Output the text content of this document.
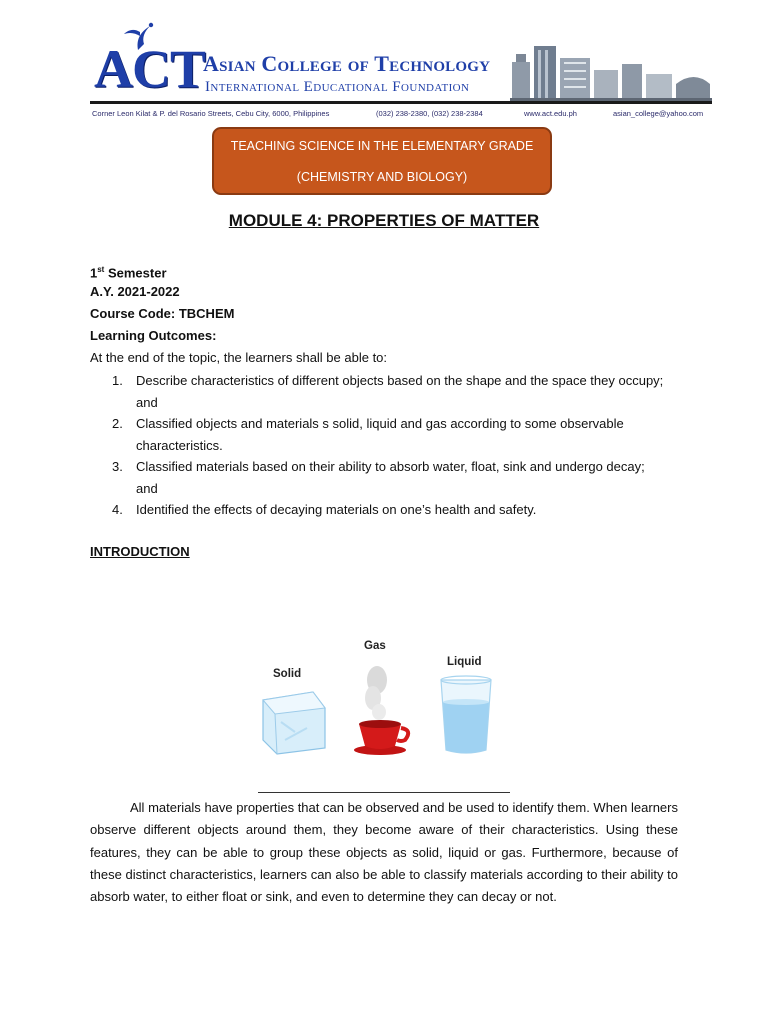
ACT
Asian College of Technology
International Educational Foundation
Corner Leon Kilat & P. del Rosario Streets, Cebu City, 6000, Philippines	(032) 238-2380, (032) 238-2384	www.act.edu.ph	asian_college@yahoo.com
TEACHING SCIENCE IN THE ELEMENTARY GRADE
(CHEMISTRY AND BIOLOGY)
MODULE 4: PROPERTIES OF MATTER
1st Semester
A.Y. 2021-2022
Course Code: TBCHEM
Learning Outcomes:
At the end of the topic, the learners shall be able to:
1. Describe characteristics of different objects based on the shape and the space they occupy; and
2. Classified objects and materials s solid, liquid and gas according to some observable characteristics.
3. Classified materials based on their ability to absorb water, float, sink and undergo decay; and
4. Identified the effects of decaying materials on one’s health and safety.
INTRODUCTION
Solid
Gas
Liquid
All materials have properties that can be observed and be used to identify them. When learners observe different objects around them, they become aware of their characteristics. Using these features, they can be able to group these objects as solid, liquid or gas. Furthermore, because of these distinct characteristics, learners can also be able to classify materials according to their ability to absorb water, to either float or sink, and even to determine they can decay or not.
